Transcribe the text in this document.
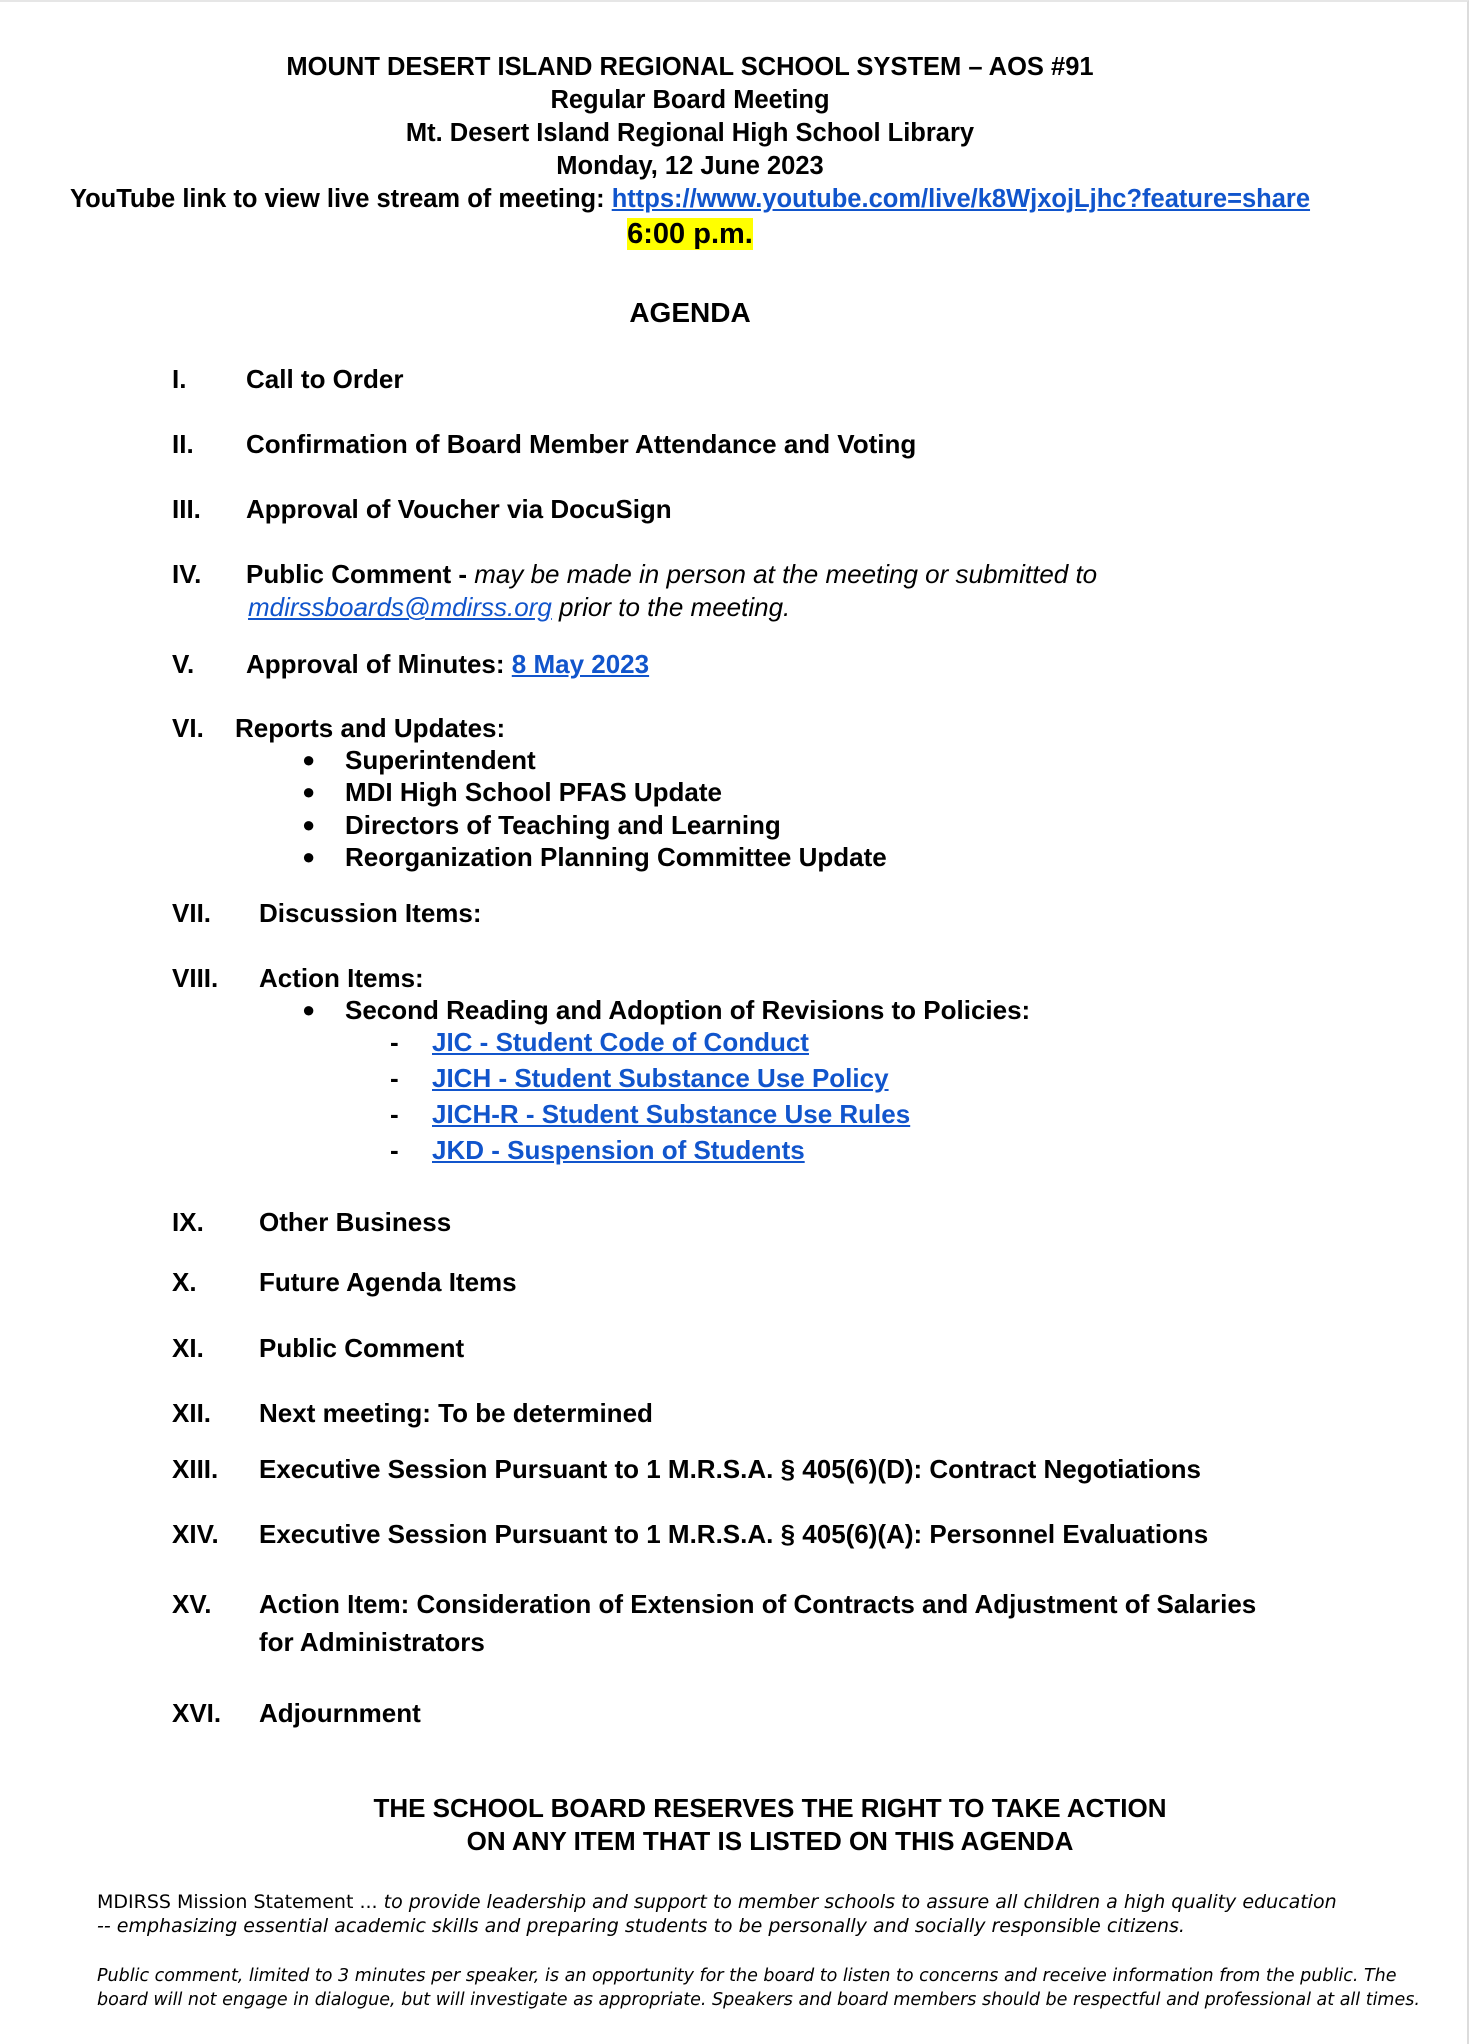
MOUNT DESERT ISLAND REGIONAL SCHOOL SYSTEM – AOS #91
Regular Board Meeting
Mt. Desert Island Regional High School Library
Monday, 12 June 2023
YouTube link to view live stream of meeting: https://www.youtube.com/live/k8WjxojLjhc?feature=share
6:00 p.m.
AGENDA
I. Call to Order
II. Confirmation of Board Member Attendance and Voting
III. Approval of Voucher via DocuSign
IV. Public Comment - may be made in person at the meeting or submitted to
mdirssboards@mdirss.org prior to the meeting.
V. Approval of Minutes: 8 May 2023
VI. Reports and Updates:
● Superintendent
● MDI High School PFAS Update
● Directors of Teaching and Learning
● Reorganization Planning Committee Update
VII. Discussion Items:
VIII. Action Items:
● Second Reading and Adoption of Revisions to Policies:
- JIC - Student Code of Conduct
- JICH - Student Substance Use Policy
- JICH-R - Student Substance Use Rules
- JKD - Suspension of Students
IX. Other Business
X. Future Agenda Items
XI. Public Comment
XII. Next meeting: To be determined
XIII. Executive Session Pursuant to 1 M.R.S.A. § 405(6)(D): Contract Negotiations
XIV. Executive Session Pursuant to 1 M.R.S.A. § 405(6)(A): Personnel Evaluations
XV. Action Item: Consideration of Extension of Contracts and Adjustment of Salaries
for Administrators
XVI. Adjournment
THE SCHOOL BOARD RESERVES THE RIGHT TO TAKE ACTION
ON ANY ITEM THAT IS LISTED ON THIS AGENDA
MDIRSS Mission Statement ... to provide leadership and support to member schools to assure all children a high quality education
-- emphasizing essential academic skills and preparing students to be personally and socially responsible citizens.
Public comment, limited to 3 minutes per speaker, is an opportunity for the board to listen to concerns and receive information from the public. The
board will not engage in dialogue, but will investigate as appropriate. Speakers and board members should be respectful and professional at all times.
